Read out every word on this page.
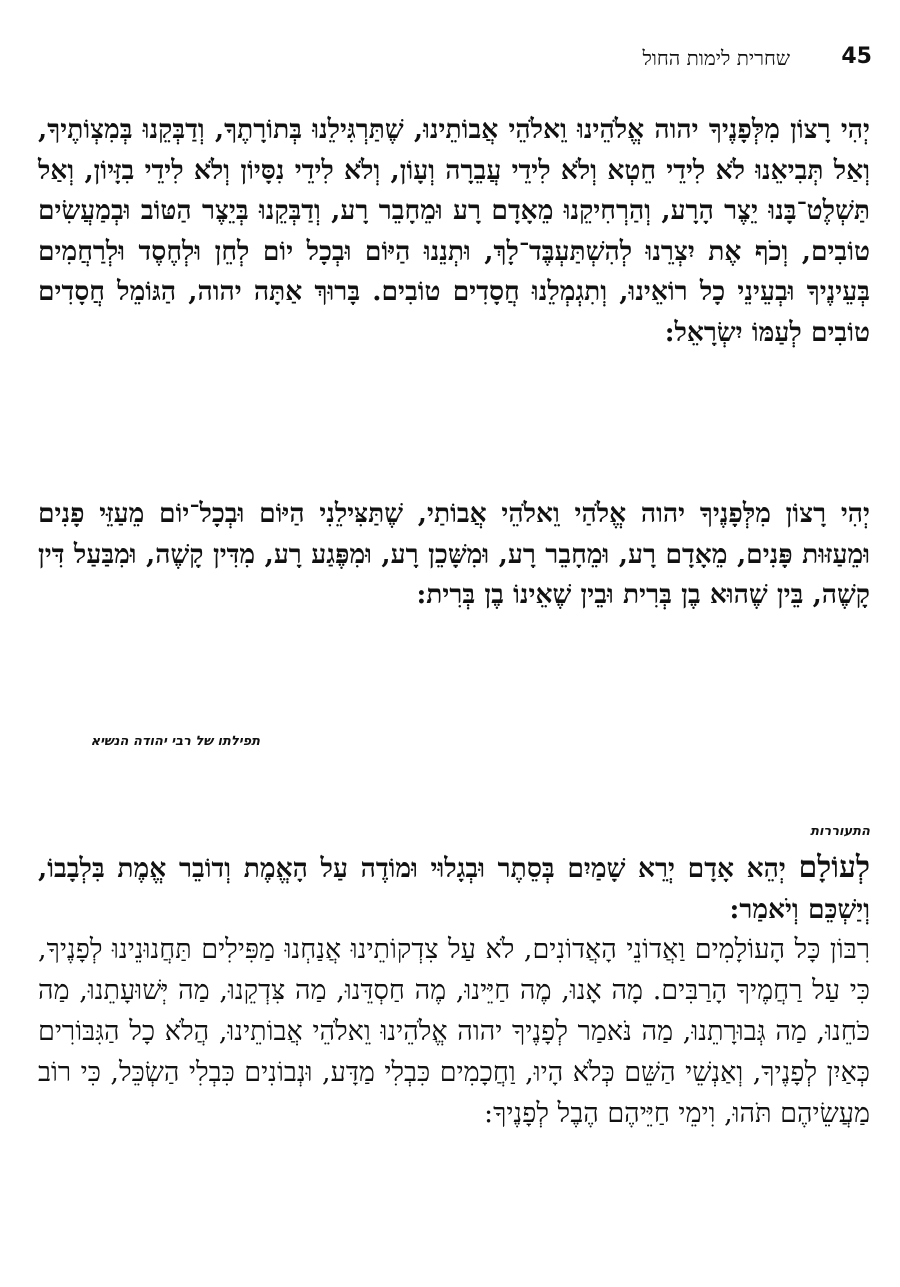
45
שחרית לימות החול

יְהִי רָצוֹן מִלְּפָנֶיךָ יהוה אֱלֹהֵינוּ וֵאלֹהֵי אֲבוֹתֵינוּ, שֶׁתַּרְגִּילֵנוּ בְּתוֹרָתֶךָ, וְדַבְּקֵנוּ בְּמִצְוֹתֶיךָ, וְאַל תְּבִיאֵנוּ לֹא לִידֵי חֵטְא וְלֹא לִידֵי עֲבֵרָה וְעָוֹן, וְלֹא לִידֵי נִסָּיוֹן וְלֹא לִידֵי בִזָּיוֹן, וְאַל תַּשְׁלֶט־בָּנוּ יֵצֶר הָרָע, וְהַרְחִיקֵנוּ מֵאָדָם רָע וּמֵחָבֵר רָע, וְדַבְּקֵנוּ בְּיֵצֶר הַטּוֹב וּבְמַעֲשִׂים טוֹבִים, וְכֹף אֶת יִצְרֵנוּ לְהִשְׁתַּעְבֶּד־לָךְ, וּתְנֵנוּ הַיּוֹם וּבְכָל יוֹם לְחֵן וּלְחֶסֶד וּלְרַחֲמִים בְּעֵינֶיךָ וּבְעֵינֵי כָל רוֹאֵינוּ, וְתִגְמְלֵנוּ חֲסָדִים טוֹבִים. בָּרוּךְ אַתָּה יהוה, הַגּוֹמֵל חֲסָדִים טוֹבִים לְעַמּוֹ יִשְׂרָאֵל:

יְהִי רָצוֹן מִלְּפָנֶיךָ יהוה אֱלֹהַי וֵאלֹהֵי אֲבוֹתַי, שֶׁתַּצִּילֵנִי הַיּוֹם וּבְכָל־יוֹם מֵעַזֵּי פָנִים וּמֵעַזּוּת פָּנִים, מֵאָדָם רָע, וּמֵחָבֵר רָע, וּמִשָּׁכֵן רָע, וּמִפֶּגַע רָע, מִדִּין קָשֶׁה, וּמִבַּעַל דִּין קָשֶׁה, בֵּין שֶׁהוּא בֶן בְּרִית וּבֵין שֶׁאֵינוֹ בֶן בְּרִית:

תפילתו של רבי יהודה הנשיא

התעוררות

לְעוֹלָם יְהֵא אָדָם יְרֵא שָׁמַיִם בְּסֵתֶר וּבְגָלוּי וּמוֹדֶה עַל הָאֱמֶת וְדוֹבֵר אֱמֶת בִּלְבָבוֹ, וְיַשְׁכֵּם וְיֹאמַר:

רִבּוֹן כָּל הָעוֹלָמִים וַאֲדוֹנֵי הָאֲדוֹנִים, לֹא עַל צִדְקוֹתֵינוּ אֲנַחְנוּ מַפִּילִים תַּחֲנוּנֵינוּ לְפָנֶיךָ, כִּי עַל רַחֲמֶיךָ הָרַבִּים. מָה אָנוּ, מֶה חַיֵּינוּ, מֶה חַסְדֵּנוּ, מַה צִּדְקֵנוּ, מַה יְּשׁוּעָתֵנוּ, מַה כֹּחֵנוּ, מַה גְּבוּרָתֵנוּ, מַה נֹּאמַר לְפָנֶיךָ יהוה אֱלֹהֵינוּ וֵאלֹהֵי אֲבוֹתֵינוּ, הֲלֹא כָל הַגִּבּוֹרִים כְּאַיִן לְפָנֶיךָ, וְאַנְשֵׁי הַשֵּׁם כְּלֹא הָיוּ, וַחֲכָמִים כִּבְלִי מַדָּע, וּנְבוֹנִים כִּבְלִי הַשְׂכֵּל, כִּי רוֹב מַעֲשֵׂיהֶם תֹּהוּ, וִימֵי חַיֵּיהֶם הֶבֶל לְפָנֶיךָ:
